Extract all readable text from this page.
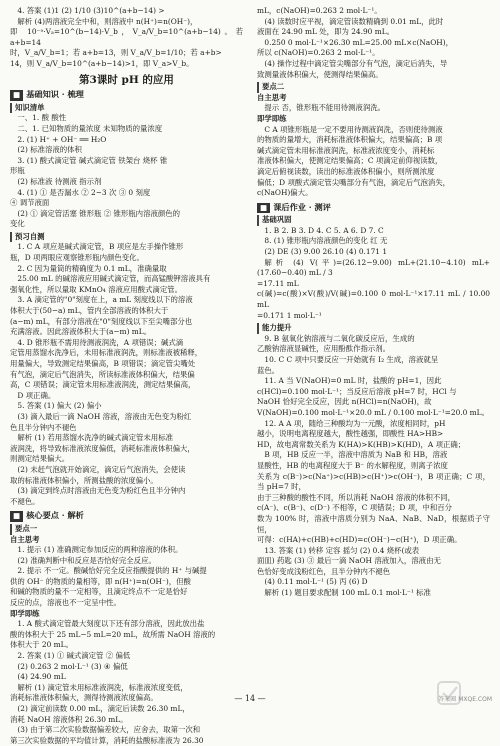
4. 答案 (1)1 (2) 1/10 (3)10^(a+b−14) >

解析 (4)两溶液完全中和，则溶液中 n(H⁺)=n(OH⁻)，

即 10⁻ᵃ·Vₐ=10^(b−14)·V_b，V_a/V_b=10^(a+b−14)。若 a+b=14

时，V_a/V_b=1；若 a+b=13，则 V_a/V_b=1/10；若 a+b>

14，则 V_a/V_b=10^(a+b−14)>1，即 V_a>V_b。

第3课时 pH 的应用
■ 基础知识 · 梳理
知识清单

一、1. 酸 酸性

二、1. 已知物质的量浓度 未知物质的量浓度

2. (1) H⁺ + OH⁻ ══ H₂O

(2) 标准溶液的体积

3. (1) 酸式滴定管 碱式滴定管 铁架台 烧杯 锥

形瓶

(2) 标准液 待测液 指示剂

4. (1) ① 是否漏水 ② 2~3 次 ③ 0 刻度

④ 调节液面

(2) ① 滴定管活塞 锥形瓶 ② 锥形瓶内溶液颜色的

变化

预习自测

1. C A 项应是碱式滴定管，B 项应是左手操作锥形

瓶，D 项两眼应观察锥形瓶内颜色变化。

2. C 因为量筒的精确度为 0.1 mL，准确量取

25.00 mL 的碱溶液应用碱式滴定管，而高锰酸钾溶液具有

强氧化性，所以量取 KMnO₄ 溶液应用酸式滴定管。

3. A 滴定管的"0"刻度在上，a mL 刻度线以下的溶液

体积大于(50−a) mL，管内全部溶液的体积大于

(a−m) mL，有部分溶液在"0"刻度线以下至尖嘴部分也

充满溶液。因此溶液体积大于(a−m) mL。

4. D 锥形瓶不需用待测液润洗，A 项错误；碱式滴

定管用蒸馏水洗净后，未用标准液润洗，则标准液被稀释，

用量偏大，导致测定结果偏高，B 项错误；滴定管尖嘴处

有气泡，滴定后气泡消失，所读标准液体积偏大，结果偏

高，C 项错误；滴定管未用标准液润洗，测定结果偏高，

D 项正确。

5. 答案 (1) 偏大 (2) 偏小

(3) 滴入最后一滴 NaOH 溶液，溶液由无色变为粉红

色且半分钟内不褪色

解析 (1) 若用蒸馏水洗净的碱式滴定管未用标准

液润洗，将导致标准液浓度偏低，消耗标准液体积偏大，

则测定结果偏大。

(2) 未赶气泡就开始滴定，滴定后气泡消失，会使读

取的标准液体积偏小，所测盐酸的浓度偏小。

(3) 滴定到终点时溶液由无色变为粉红色且半分钟内

不褪色。

■ 核心要点 · 解析
要点一
自主思考

1. 提示 (1) 准确测定参加反应的两种溶液的体积。

(2) 准确判断中和反应是否恰好完全反应。

2. 提示 不一定。酸碱恰好完全反应指酸提供的 H⁺ 与碱提

供的 OH⁻ 的物质的量相等，即 n(H⁺)=n(OH⁻)，但酸

和碱的物质的量不一定相等，且滴定终点不一定是恰好

反应的点，溶液也不一定呈中性。

即学即练

1. A 酸式滴定管最大刻度以下还有部分溶液，因此放出盐

酸的体积大于 25 mL−5 mL=20 mL，故所需 NaOH 溶液的

体积大于 20 mL。

2. 答案 (1) ① 碱式滴定管 ② 偏低

(2) 0.263 2 mol·L⁻¹ (3) ④ 偏低

(4) 24.90 mL

解析 (1) 滴定管未用标准液润洗，标准液浓度变低，

消耗标准液体积偏大，测得待测液浓度偏高。

(2) 滴定前读数 0.00 mL，滴定后读数 26.30 mL，

消耗 NaOH 溶液体积 26.30 mL。

(3) 由于第二次实验数据偏差较大，应舍去，取第一次和

第三次实验数据的平均值计算，消耗的盐酸标准液为 26.30

mL，c(NaOH)=0.263 2 mol·L⁻¹。

(4) 读数时应平视，滴定管读数精确到 0.01 mL，此时

液面在 24.90 mL 处，即为 24.90 mL。

0.250 0 mol·L⁻¹×26.30 mL=25.00 mL×c(NaOH)，

所以 c(NaOH)=0.263 2 mol·L⁻¹。

(4) 操作过程中滴定管尖嘴部分有气泡，滴定后消失，导

致测量液体积偏大，使测得结果偏高。

要点二
自主思考

提示 否，锥形瓶不能用待测液润洗。

即学即练

C A 项锥形瓶是一定不要用待测液润洗，否则使待测液

的物质的量增大，消耗标准液体积偏大，结果偏高；B 项

碱式滴定管未用标准液润洗，标准液浓度变小，消耗标

准液体积偏大，使测定结果偏高；C 项滴定前仰视读数，

滴定后俯视读数，读出的标准液体积偏小，则所测浓度

偏低；D 项酸式滴定管尖嘴部分有气泡，滴定后气泡消失，

c(NaOH)偏大。

■ 课后作业 · 测评
基础巩固

1. B 2. B 3. D 4. C 5. A 6. D 7. C

8. (1) 锥形瓶内溶液颜色的变化 红 无

(2) DE (3) 9.00 26.10 (4) 0.171 1

解析 (4) V(平)=(26.12−9.00) mL+(21.10−4.10) mL+(17.60−0.40) mL / 3

=17.11 mL

c(碱)=c(酸)×V(酸)/V(碱)=0.100 0 mol·L⁻¹×17.11 mL / 10.00 mL

=0.171 1 mol·L⁻¹

能力提升

9. B 氨氧化钠溶液与二氧化碳反应后，生成的

乙酸钠溶液显碱性，应用酚酞作指示剂。

10. C C 项中只要反应一开始就有 I₂ 生成，溶液就呈

蓝色。

11. A 当 V(NaOH)=0 mL 时，盐酸的 pH=1，因此

c(HCl)=0.100 mol·L⁻¹；当反应后溶液 pH=7 时，HCl 与

NaOH 恰好完全反应，因此 n(HCl)=n(NaOH)，故

V(NaOH)=0.100 mol·L⁻¹×20.0 mL / 0.100 mol·L⁻¹=20.0 mL。

12. A A 项，随给三种酸均为一元酸，浓度相同时，pH

越小，说明电离程度越大，酸性越强，即酸性 HA>HB>

HD，故电离常数关系为 K(HA)>K(HB)>K(HD)，A 项正确；

B 项，HB 反应一半，溶液中溶质为 NaB 和 HB，溶液

显酸性，HB 的电离程度大于 B⁻ 的水解程度，则离子浓度

关系为 c(B⁻)>c(Na⁺)>c(HB)>c(H⁺)>c(OH⁻)，B 项正确；C 项，当 pH=7 时，

由于三种酸的酸性不同，所以消耗 NaOH 溶液的体积不同，

c(A⁻)、c(B⁻)、c(D⁻) 不相等，C 项错误；D 项，中和百分

数为 100% 时，溶液中溶质分别为 NaA、NaB、NaD，根据质子守恒，

可得：c(HA)+c(HB)+c(HD)=c(OH⁻)−c(H⁺)，D 项正确。

13. 答案 (1) 转移 定容 摇匀 (2) 0.4 烧杯(或表

面皿) 药匙 (3) ③ 最后一滴 NaOH 溶液加入，溶液由无

色恰好变成浅粉红色，且半分钟内不褪色

(4) 0.11 mol·L⁻¹ (5) 丙 (6) D

解析 (1) 题目要求配制 100 mL 0.1 mol·L⁻¹ 标准

— 14 —	答案圈 MXQE.COM
